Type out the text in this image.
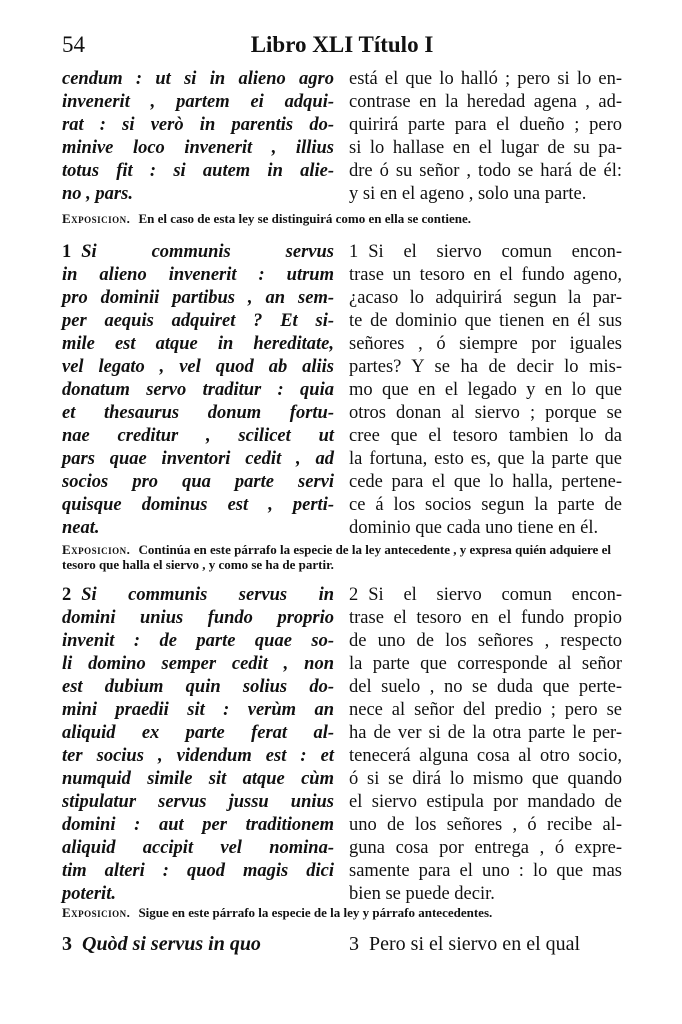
54	Libro XLI Título I
cendum : ut si in alieno agro
invenerit , partem ei adqui-
rat : si verò in parentis do-
minive loco invenerit , illius
totus fit : si autem in alie-
no , pars.
está el que lo halló ; pero si lo en-
contrase en la heredad agena , ad-
quirirá parte para el dueño ; pero
si lo hallase en el lugar de su pa-
dre ó su señor , todo se hará de él:
y si en el ageno , solo una parte.
Exposicion. En el caso de esta ley se distinguirá como en ella se contiene.
1 Si communis servus
in alieno invenerit : utrum
pro dominii partibus , an sem-
per aequis adquiret ? Et si-
mile est atque in hereditate,
vel legato , vel quod ab aliis
donatum servo traditur : quia
et thesaurus donum fortu-
nae creditur , scilicet ut
pars quae inventori cedit , ad
socios pro qua parte servi
quisque dominus est , perti-
neat.
1 Si el siervo comun encon-
trase un tesoro en el fundo ageno,
¿acaso lo adquirirá segun la par-
te de dominio que tienen en él sus
señores , ó siempre por iguales
partes? Y se ha de decir lo mis-
mo que en el legado y en lo que
otros donan al siervo ; porque se
cree que el tesoro tambien lo da
la fortuna, esto es, que la parte que
cede para el que lo halla, pertene-
ce á los socios segun la parte de
dominio que cada uno tiene en él.
Exposicion. Continúa en este párrafo la especie de la ley antecedente , y expresa quién adquiere el tesoro que halla el siervo , y como se ha de partir.
2 Si communis servus in
domini unius fundo proprio
invenit : de parte quae so-
li domino semper cedit , non
est dubium quin solius do-
mini praedii sit : verùm an
aliquid ex parte ferat al-
ter socius , videndum est : et
numquid simile sit atque cùm
stipulatur servus jussu unius
domini : aut per traditionem
aliquid accipit vel nomina-
tim alteri : quod magis dici
poterit.
2 Si el siervo comun encon-
trase el tesoro en el fundo propio
de uno de los señores , respecto
la parte que corresponde al señor
del suelo , no se duda que perte-
nece al señor del predio ; pero se
ha de ver si de la otra parte le per-
tenecerá alguna cosa al otro socio,
ó si se dirá lo mismo que quando
el siervo estipula por mandado de
uno de los señores , ó recibe al-
guna cosa por entrega , ó expre-
samente para el uno : lo que mas
bien se puede decir.
Exposicion. Sigue en este párrafo la especie de la ley y párrafo antecedentes.
3 Quòd si servus in quo	3 Pero si el siervo en el qual
